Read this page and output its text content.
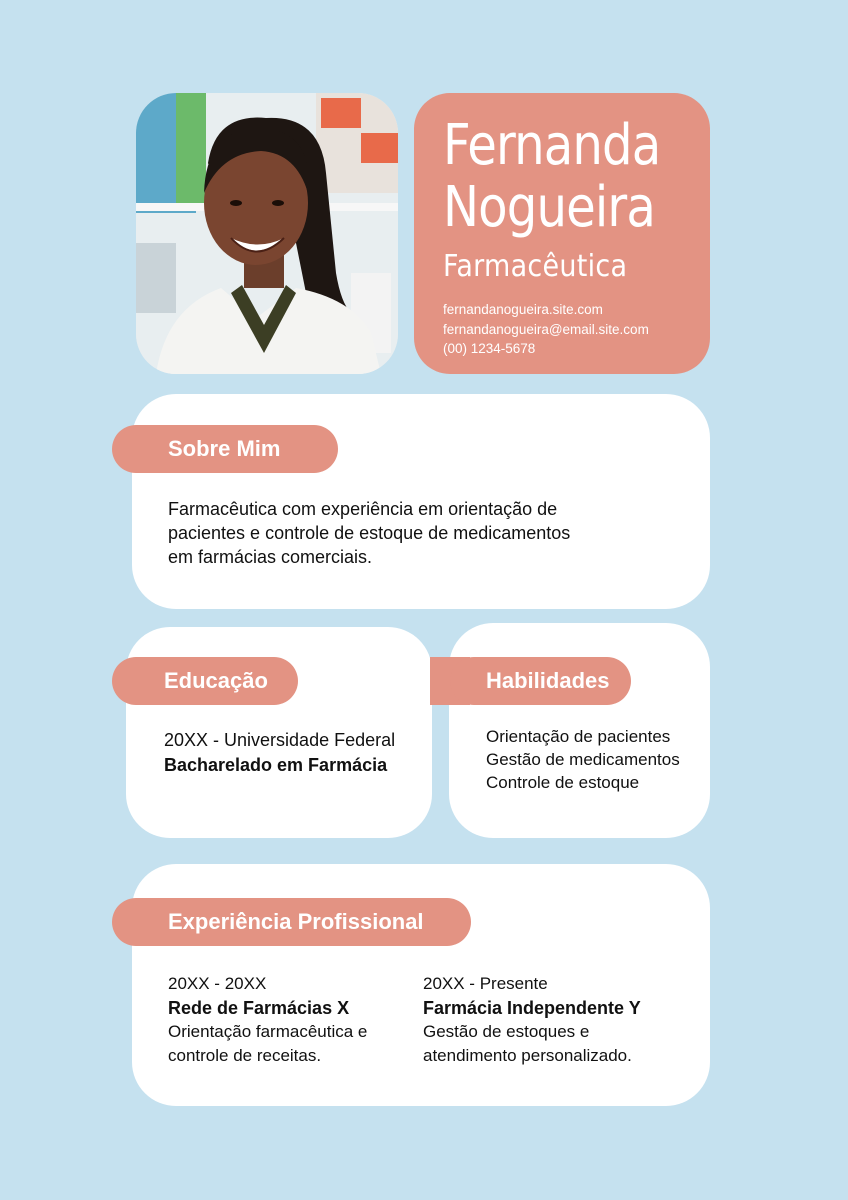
Fernanda
Nogueira
Farmacêutica
fernandanogueira.site.com
fernandanogueira@email.site.com
(00) 1234-5678
Sobre Mim
Farmacêutica com experiência em orientação de
pacientes e controle de estoque de medicamentos
em farmácias comerciais.
Educação
20XX - Universidade Federal
Bacharelado em Farmácia
Habilidades
Orientação de pacientes
Gestão de medicamentos
Controle de estoque
Experiência Profissional
20XX - 20XX
Rede de Farmácias X
Orientação farmacêutica e
controle de receitas.
20XX - Presente
Farmácia Independente Y
Gestão de estoques e
atendimento personalizado.
